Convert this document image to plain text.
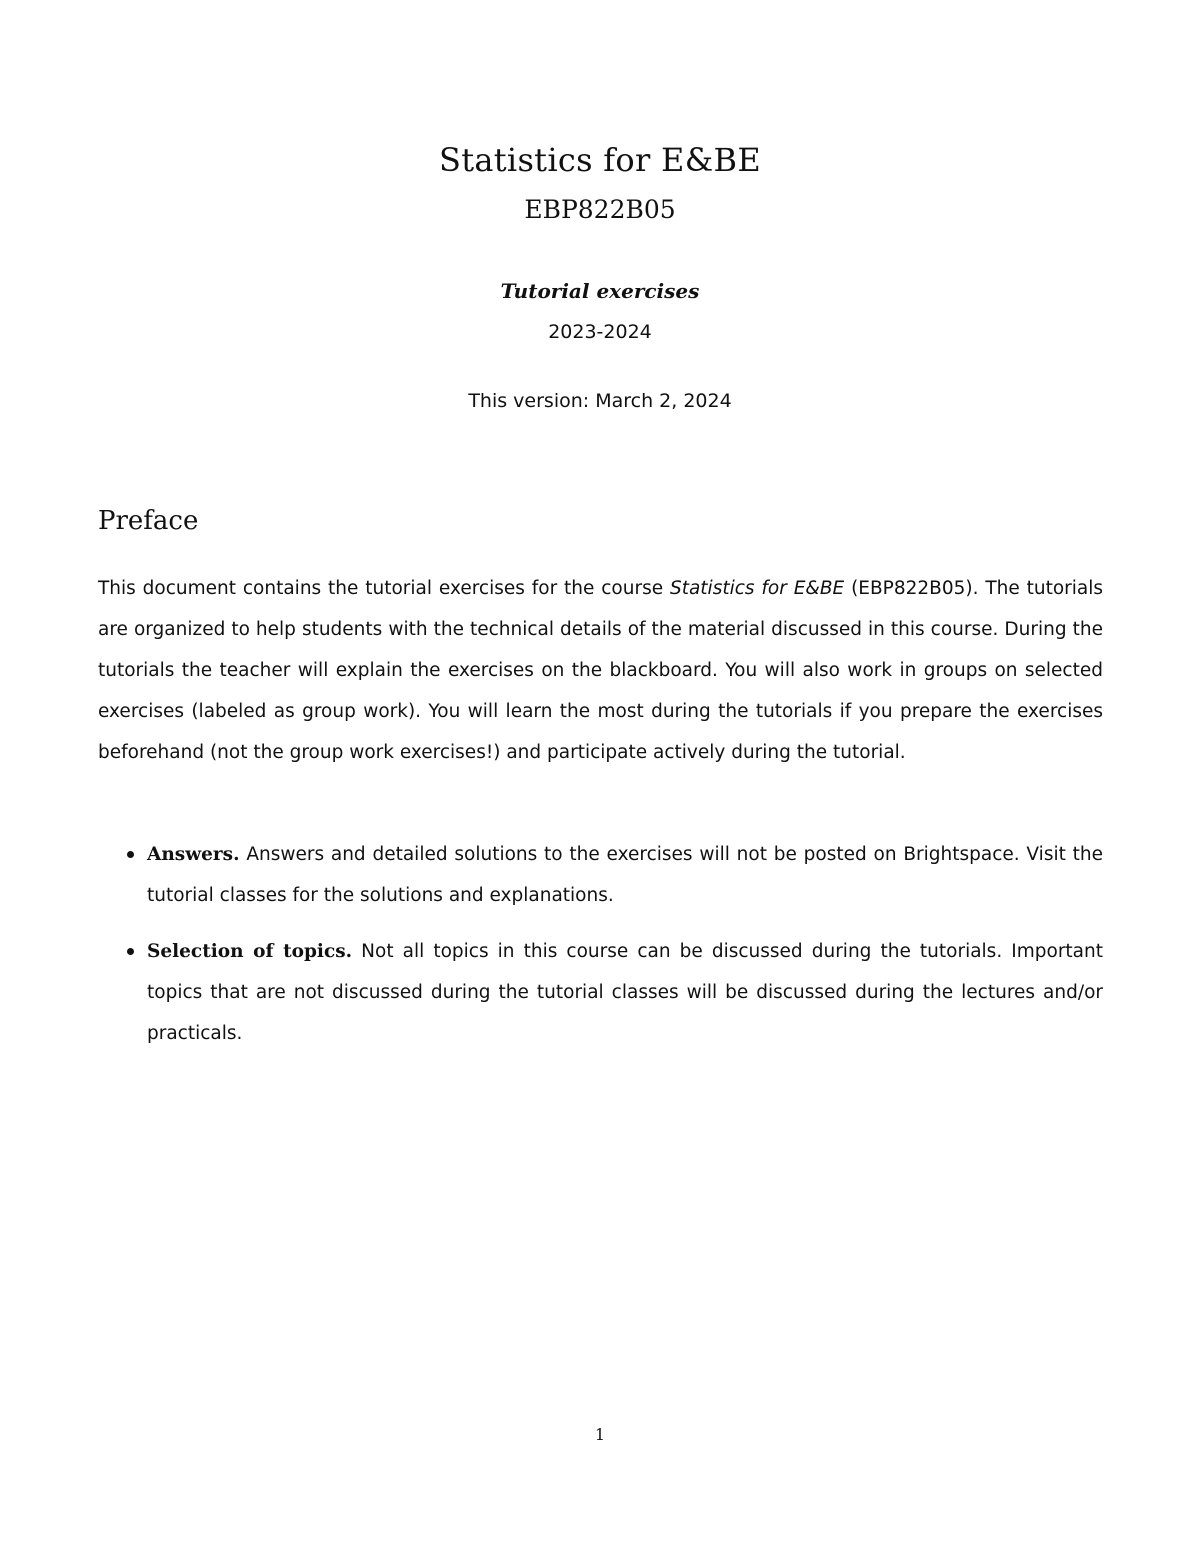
Statistics for E&BE
EBP822B05
Tutorial exercises
2023-2024
This version: March 2, 2024
Preface

This document contains the tutorial exercises for the course Statistics for E&BE (EBP822B05). The tutorials are organized to help students with the technical details of the material discussed in this course. During the tutorials the teacher will explain the exercises on the blackboard. You will also work in groups on selected exercises (labeled as group work). You will learn the most during the tutorials if you prepare the exercises beforehand (not the group work exercises!) and participate actively during the tutorial.

Answers. Answers and detailed solutions to the exercises will not be posted on Brightspace. Visit the tutorial classes for the solutions and explanations.

Selection of topics. Not all topics in this course can be discussed during the tutorials. Important topics that are not discussed during the tutorial classes will be discussed during the lectures and/or practicals.

1
